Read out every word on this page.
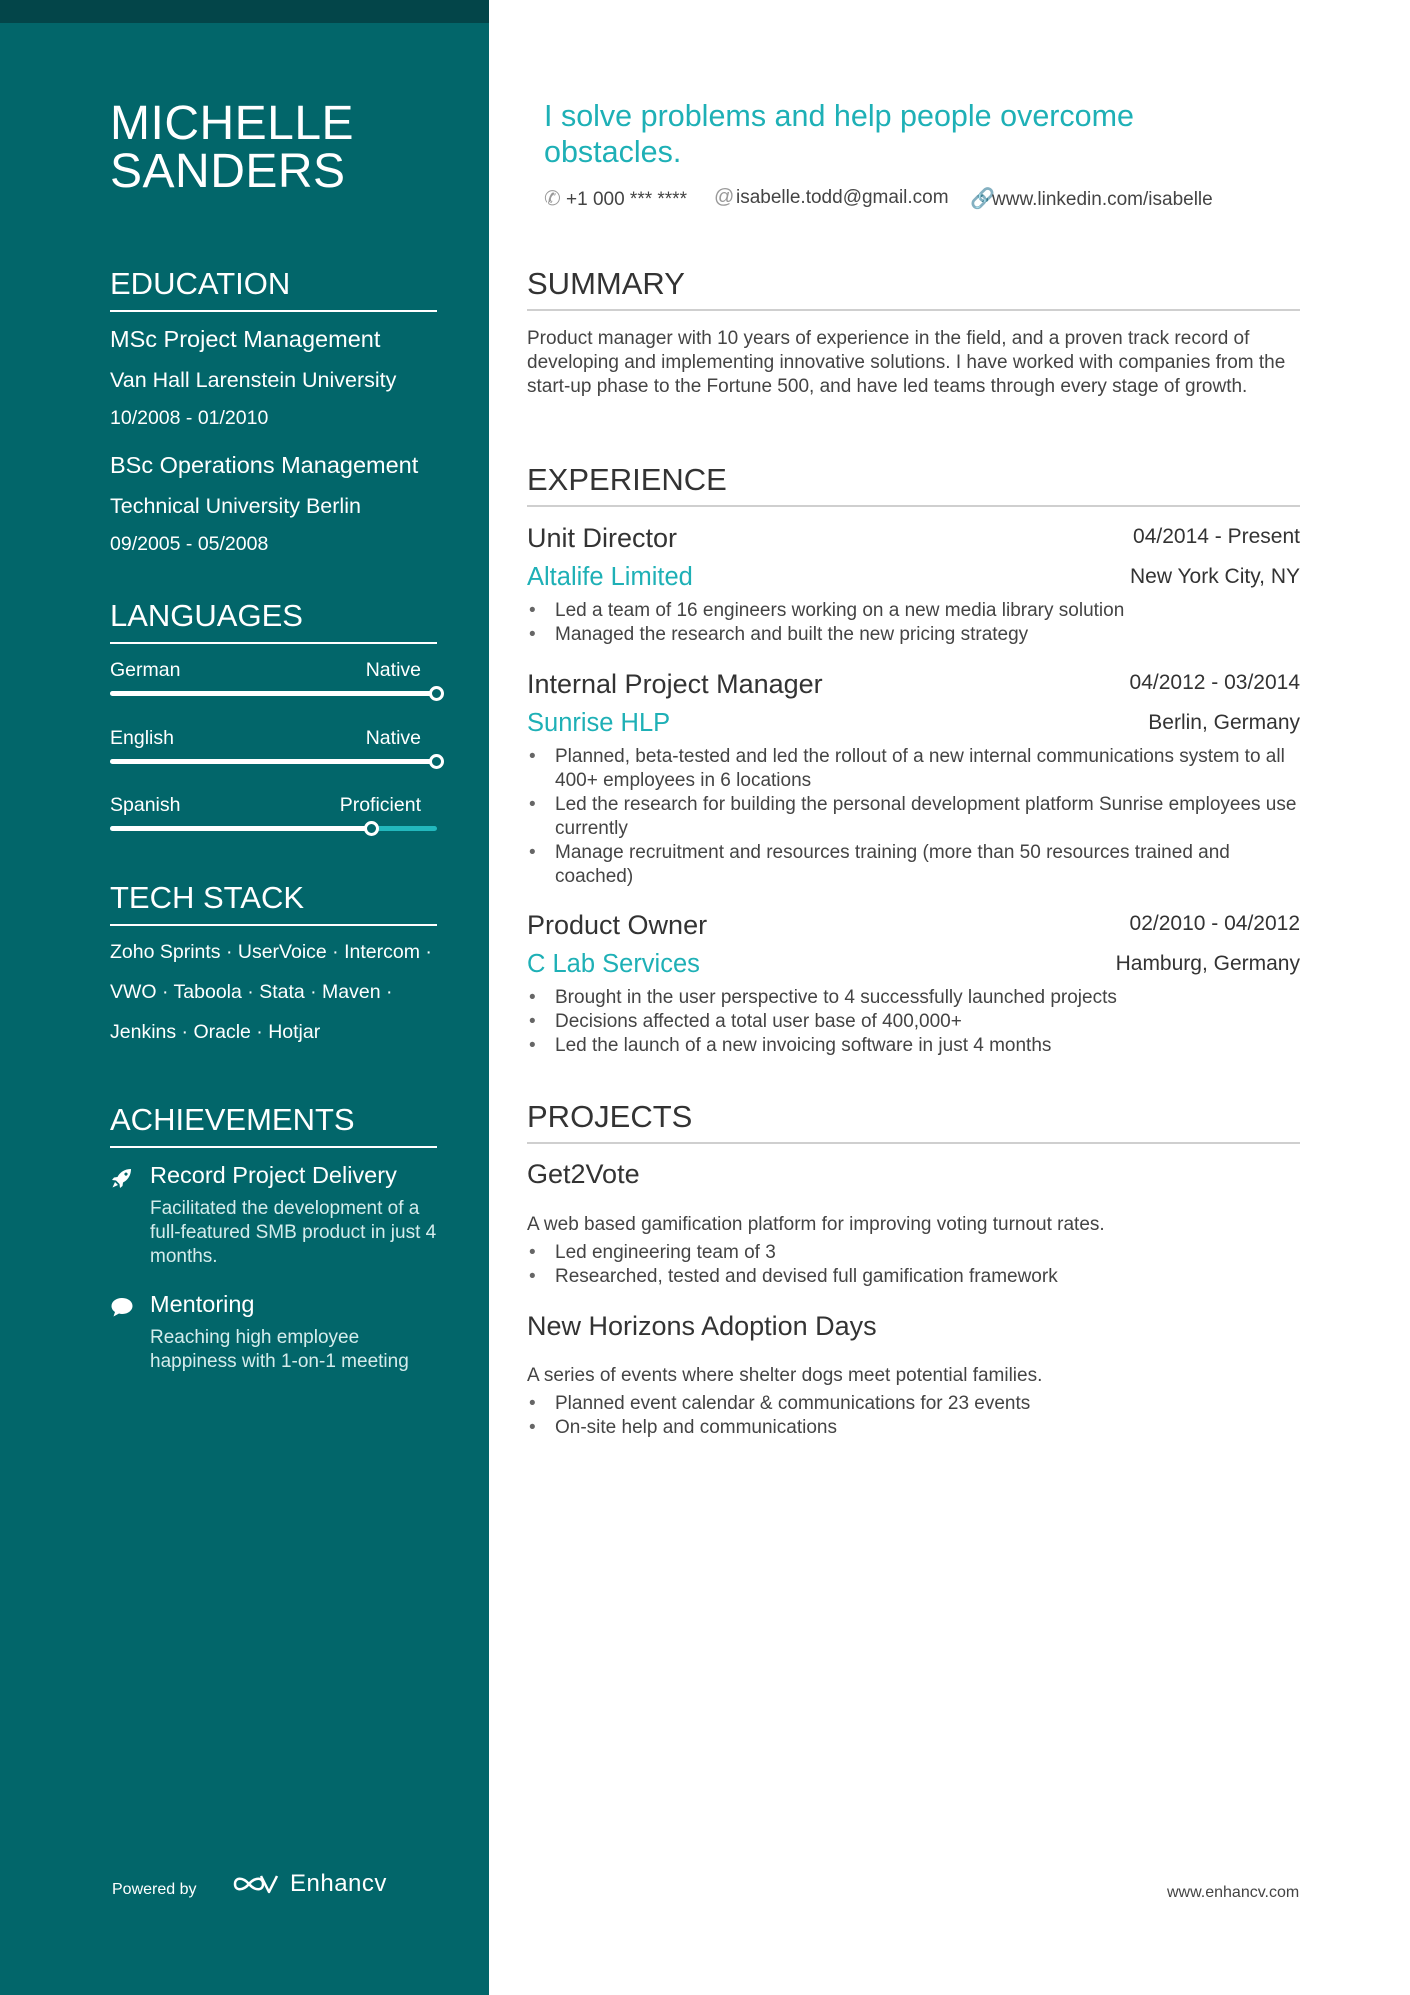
MICHELLE
SANDERS
EDUCATION
MSc Project Management
Van Hall Larenstein University
10/2008 - 01/2010
BSc Operations Management
Technical University Berlin
09/2005 - 05/2008
LANGUAGES
German	Native
English	Native
Spanish	Proficient
TECH STACK
Zoho Sprints · UserVoice · Intercom ·
VWO · Taboola · Stata · Maven ·
Jenkins · Oracle · Hotjar
ACHIEVEMENTS
Record Project Delivery
Facilitated the development of a full-featured SMB product in just 4 months.
Mentoring
Reaching high employee happiness with 1-on-1 meeting
Powered by	Enhancv
I solve problems and help people overcome obstacles.
✆ +1 000 *** **** @isabelle.todd@gmail.com 🔗www.linkedin.com/isabelle
SUMMARY
Product manager with 10 years of experience in the field, and a proven track record of developing and implementing innovative solutions. I have worked with companies from the start-up phase to the Fortune 500, and have led teams through every stage of growth.
EXPERIENCE
Unit Director	04/2014 - Present
Altalife Limited	New York City, NY
• Led a team of 16 engineers working on a new media library solution
• Managed the research and built the new pricing strategy
Internal Project Manager	04/2012 - 03/2014
Sunrise HLP	Berlin, Germany
• Planned, beta-tested and led the rollout of a new internal communications system to all 400+ employees in 6 locations
• Led the research for building the personal development platform Sunrise employees use currently
• Manage recruitment and resources training (more than 50 resources trained and coached)
Product Owner	02/2010 - 04/2012
C Lab Services	Hamburg, Germany
• Brought in the user perspective to 4 successfully launched projects
• Decisions affected a total user base of 400,000+
• Led the launch of a new invoicing software in just 4 months
PROJECTS
Get2Vote
A web based gamification platform for improving voting turnout rates.
• Led engineering team of 3
• Researched, tested and devised full gamification framework
New Horizons Adoption Days
A series of events where shelter dogs meet potential families.
• Planned event calendar & communications for 23 events
• On-site help and communications
www.enhancv.com
